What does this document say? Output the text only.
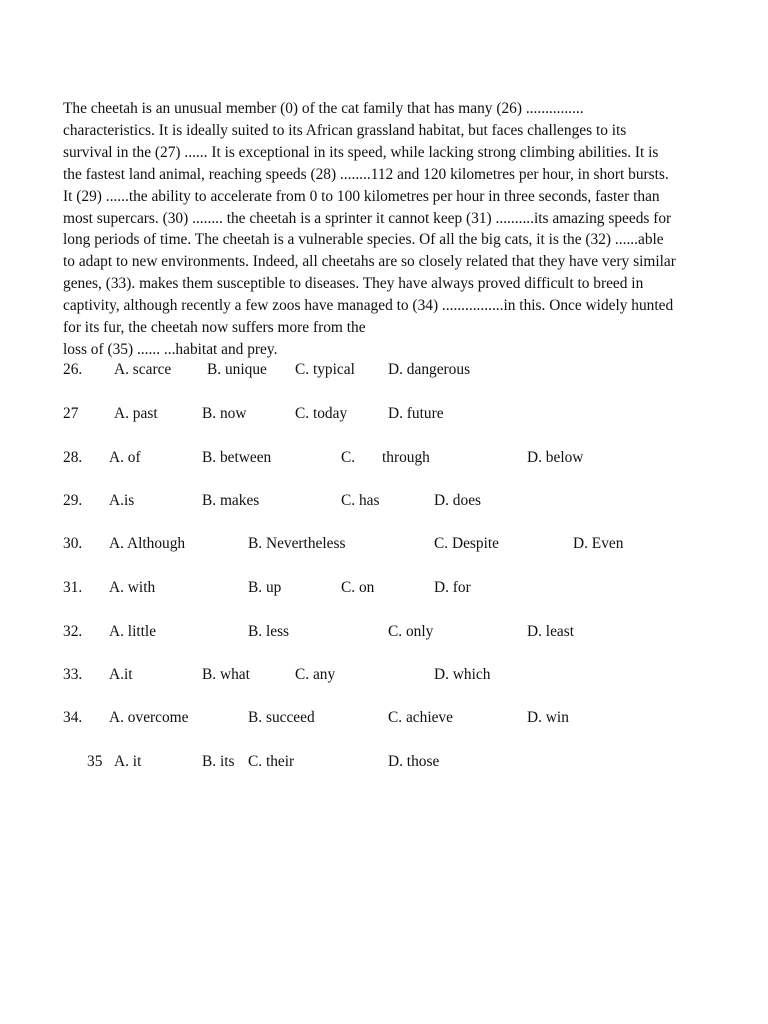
The cheetah is an unusual member (0) of the cat family that has many (26) ...............
characteristics. It is ideally suited to its African grassland habitat, but faces challenges to its
survival in the (27) ...... It is exceptional in its speed, while lacking strong climbing abilities. It is
the fastest land animal, reaching speeds (28) ........112 and 120 kilometres per hour, in short bursts.
It (29) ......the ability to accelerate from 0 to 100 kilometres per hour in three seconds, faster than
most supercars. (30) ........ the cheetah is a sprinter it cannot keep (31) ..........its amazing speeds for
long periods of time. The cheetah is a vulnerable species. Of all the big cats, it is the (32) ......able
to adapt to new environments. Indeed, all cheetahs are so closely related that they have very similar
genes, (33). makes them susceptible to diseases. They have always proved difficult to breed in
captivity, although recently a few zoos have managed to (34) ................in this. Once widely hunted
for its fur, the cheetah now suffers more from the
loss of (35) ...... ...habitat and prey.
26. A. scarce B. unique C. typical D. dangerous
27 A. past	B. now	C. today	D. future
28. A. of	B. between	C. through	D. below
29. A.is	B. makes	C. has	D. does
30. A. Although	B. Nevertheless	C. Despite	D. Even
31. A. with	B. up	C. on	D. for
32. A. little	B. less	C. only	D. least
33. A.it	B. what	C. any	D. which
34. A. overcome	B. succeed	C. achieve	D. win
35 A. it	B. its C. their	D. those
